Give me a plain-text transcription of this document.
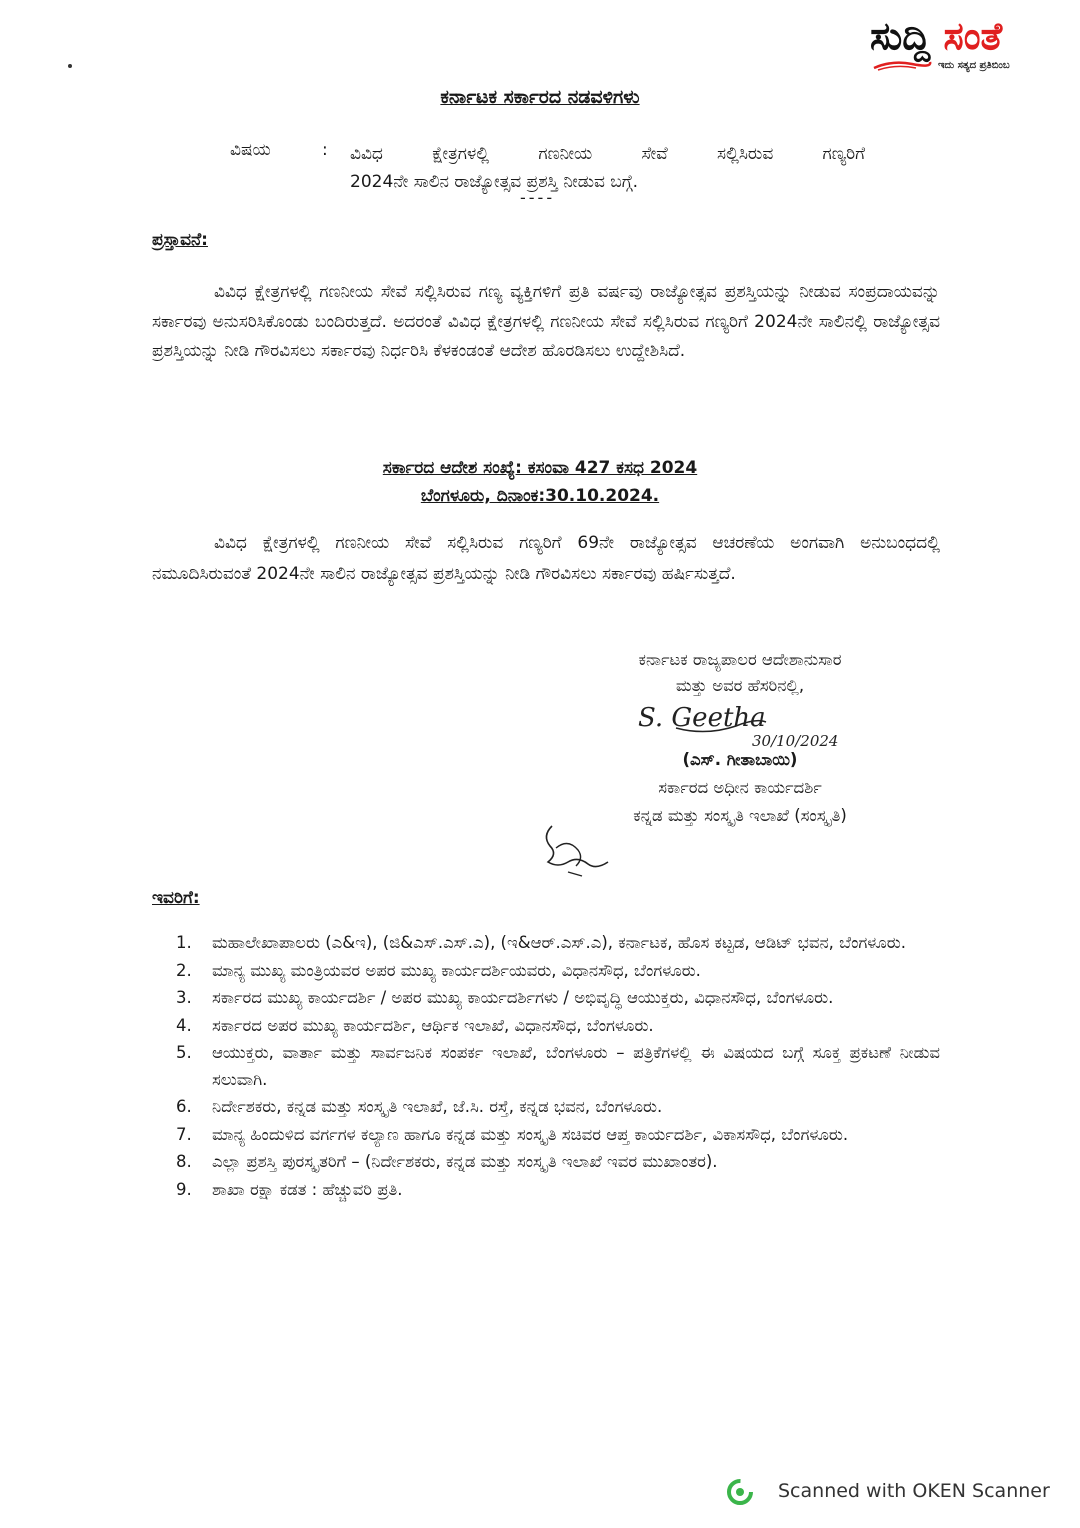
ಸುದ್ದಿ ಸಂತೆ
ಇದು ಸತ್ಯದ ಪ್ರತಿಬಿಂಬ
ಕರ್ನಾಟಕ ಸರ್ಕಾರದ ನಡವಳಿಗಳು
ವಿಷಯ	: ವಿವಿಧ ಕ್ಷೇತ್ರಗಳಲ್ಲಿ ಗಣನೀಯ ಸೇವೆ ಸಲ್ಲಿಸಿರುವ ಗಣ್ಯರಿಗೆ
2024ನೇ ಸಾಲಿನ ರಾಜ್ಯೋತ್ಸವ ಪ್ರಶಸ್ತಿ ನೀಡುವ ಬಗ್ಗೆ.
----
ಪ್ರಸ್ತಾವನೆ:
ವಿವಿಧ ಕ್ಷೇತ್ರಗಳಲ್ಲಿ ಗಣನೀಯ ಸೇವೆ ಸಲ್ಲಿಸಿರುವ ಗಣ್ಯ ವ್ಯಕ್ತಿಗಳಿಗೆ ಪ್ರತಿ ವರ್ಷವು ರಾಜ್ಯೋತ್ಸವ ಪ್ರಶಸ್ತಿಯನ್ನು ನೀಡುವ ಸಂಪ್ರದಾಯವನ್ನು ಸರ್ಕಾರವು ಅನುಸರಿಸಿಕೊಂಡು ಬಂದಿರುತ್ತದೆ. ಅದರಂತೆ ವಿವಿಧ ಕ್ಷೇತ್ರಗಳಲ್ಲಿ ಗಣನೀಯ ಸೇವೆ ಸಲ್ಲಿಸಿರುವ ಗಣ್ಯರಿಗೆ 2024ನೇ ಸಾಲಿನಲ್ಲಿ ರಾಜ್ಯೋತ್ಸವ ಪ್ರಶಸ್ತಿಯನ್ನು ನೀಡಿ ಗೌರವಿಸಲು ಸರ್ಕಾರವು ನಿರ್ಧರಿಸಿ ಕೆಳಕಂಡಂತೆ ಆದೇಶ ಹೊರಡಿಸಲು ಉದ್ದೇಶಿಸಿದೆ.
ಸರ್ಕಾರದ ಆದೇಶ ಸಂಖ್ಯೆ: ಕಸಂವಾ 427 ಕಸಧ 2024
ಬೆಂಗಳೂರು, ದಿನಾಂಕ:30.10.2024.
ವಿವಿಧ ಕ್ಷೇತ್ರಗಳಲ್ಲಿ ಗಣನೀಯ ಸೇವೆ ಸಲ್ಲಿಸಿರುವ ಗಣ್ಯರಿಗೆ 69ನೇ ರಾಜ್ಯೋತ್ಸವ ಆಚರಣೆಯ ಅಂಗವಾಗಿ ಅನುಬಂಧದಲ್ಲಿ ನಮೂದಿಸಿರುವಂತೆ 2024ನೇ ಸಾಲಿನ ರಾಜ್ಯೋತ್ಸವ ಪ್ರಶಸ್ತಿಯನ್ನು ನೀಡಿ ಗೌರವಿಸಲು ಸರ್ಕಾರವು ಹರ್ಷಿಸುತ್ತದೆ.
ಕರ್ನಾಟಕ ರಾಜ್ಯಪಾಲರ ಆದೇಶಾನುಸಾರ
ಮತ್ತು ಅವರ ಹೆಸರಿನಲ್ಲಿ,
S. Geetha
30/10/2024
(ಎಸ್. ಗೀತಾಬಾಯಿ)
ಸರ್ಕಾರದ ಅಧೀನ ಕಾರ್ಯದರ್ಶಿ
ಕನ್ನಡ ಮತ್ತು ಸಂಸ್ಕೃತಿ ಇಲಾಖೆ (ಸಂಸ್ಕೃತಿ)
ಇವರಿಗೆ:
1. ಮಹಾಲೇಖಾಪಾಲರು (ಎ&ಇ), (ಜಿ&ಎಸ್.ಎಸ್.ಎ), (ಇ&ಆರ್.ಎಸ್.ಎ), ಕರ್ನಾಟಕ, ಹೊಸ ಕಟ್ಟಡ, ಆಡಿಟ್ ಭವನ, ಬೆಂಗಳೂರು.
2. ಮಾನ್ಯ ಮುಖ್ಯ ಮಂತ್ರಿಯವರ ಅಪರ ಮುಖ್ಯ ಕಾರ್ಯದರ್ಶಿಯವರು, ವಿಧಾನಸೌಧ, ಬೆಂಗಳೂರು.
3. ಸರ್ಕಾರದ ಮುಖ್ಯ ಕಾರ್ಯದರ್ಶಿ / ಅಪರ ಮುಖ್ಯ ಕಾರ್ಯದರ್ಶಿಗಳು / ಅಭಿವೃದ್ಧಿ ಆಯುಕ್ತರು, ವಿಧಾನಸೌಧ, ಬೆಂಗಳೂರು.
4. ಸರ್ಕಾರದ ಅಪರ ಮುಖ್ಯ ಕಾರ್ಯದರ್ಶಿ, ಆರ್ಥಿಕ ಇಲಾಖೆ, ವಿಧಾನಸೌಧ, ಬೆಂಗಳೂರು.
5. ಆಯುಕ್ತರು, ವಾರ್ತಾ ಮತ್ತು ಸಾರ್ವಜನಿಕ ಸಂಪರ್ಕ ಇಲಾಖೆ, ಬೆಂಗಳೂರು – ಪತ್ರಿಕೆಗಳಲ್ಲಿ ಈ ವಿಷಯದ ಬಗ್ಗೆ ಸೂಕ್ತ ಪ್ರಕಟಣೆ ನೀಡುವ ಸಲುವಾಗಿ.
6. ನಿರ್ದೇಶಕರು, ಕನ್ನಡ ಮತ್ತು ಸಂಸ್ಕೃತಿ ಇಲಾಖೆ, ಜೆ.ಸಿ. ರಸ್ತೆ, ಕನ್ನಡ ಭವನ, ಬೆಂಗಳೂರು.
7. ಮಾನ್ಯ ಹಿಂದುಳಿದ ವರ್ಗಗಳ ಕಲ್ಯಾಣ ಹಾಗೂ ಕನ್ನಡ ಮತ್ತು ಸಂಸ್ಕೃತಿ ಸಚಿವರ ಆಪ್ತ ಕಾರ್ಯದರ್ಶಿ, ವಿಕಾಸಸೌಧ, ಬೆಂಗಳೂರು.
8. ಎಲ್ಲಾ ಪ್ರಶಸ್ತಿ ಪುರಸ್ಕೃತರಿಗೆ – (ನಿರ್ದೇಶಕರು, ಕನ್ನಡ ಮತ್ತು ಸಂಸ್ಕೃತಿ ಇಲಾಖೆ ಇವರ ಮುಖಾಂತರ).
9. ಶಾಖಾ ರಕ್ಷಾ ಕಡತ : ಹೆಚ್ಚುವರಿ ಪ್ರತಿ.
Scanned with OKEN Scanner
